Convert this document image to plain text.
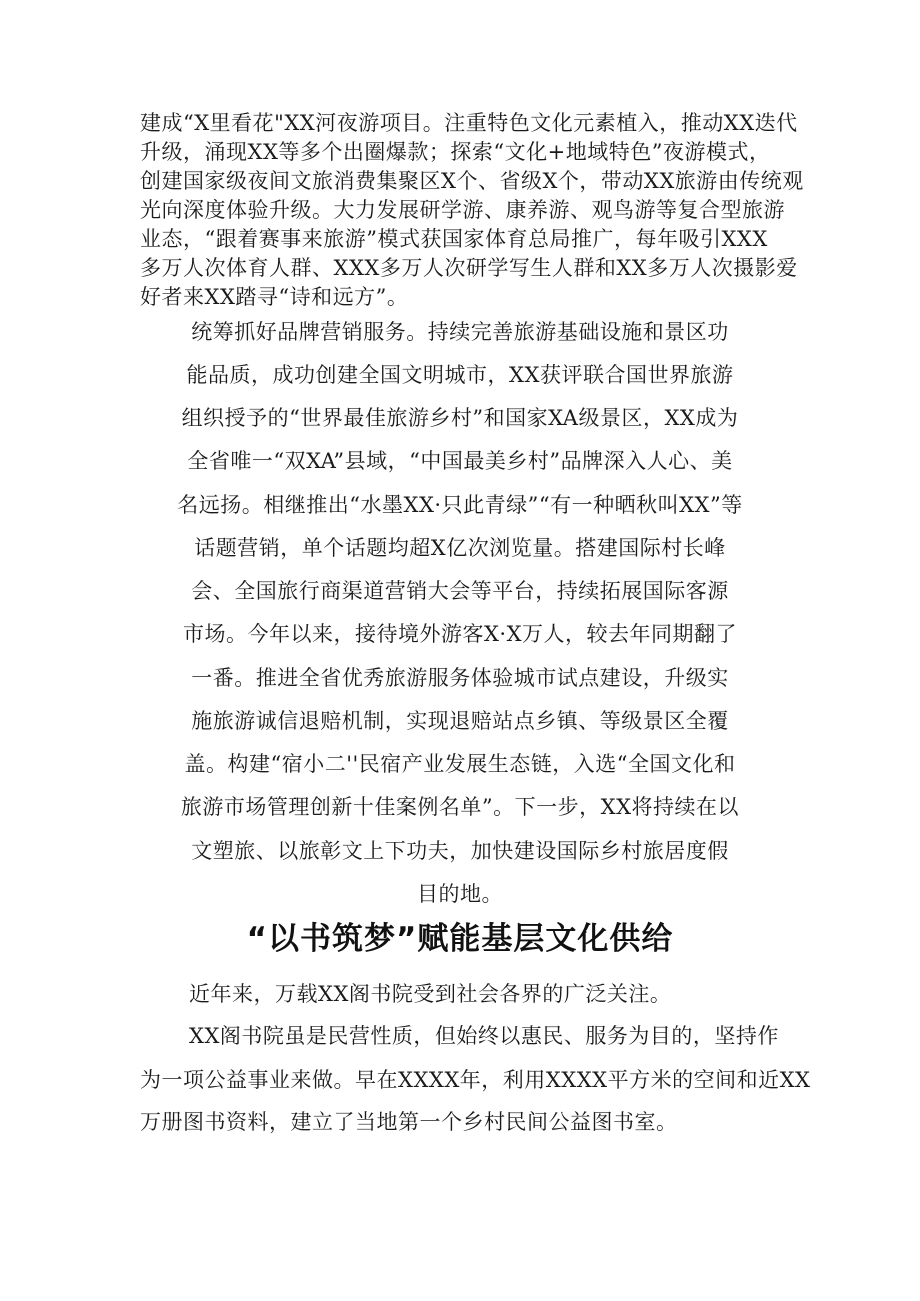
建成“X里看花"XX河夜游项目。注重特色文化元素植入，推动XX迭代
升级，涌现XX等多个出圈爆款；探索“文化+地域特色”夜游模式，
创建国家级夜间文旅消费集聚区X个、省级X个，带动XX旅游由传统观
光向深度体验升级。大力发展研学游、康养游、观鸟游等复合型旅游
业态，“跟着赛事来旅游”模式获国家体育总局推广，每年吸引XXX
多万人次体育人群、XXX多万人次研学写生人群和XX多万人次摄影爱
好者来XX踏寻“诗和远方”。
统筹抓好品牌营销服务。持续完善旅游基础设施和景区功
能品质，成功创建全国文明城市，XX获评联合国世界旅游
组织授予的“世界最佳旅游乡村”和国家XA级景区，XX成为
全省唯一“双XA”县域，“中国最美乡村”品牌深入人心、美
名远扬。相继推出“水墨XX·只此青绿”“有一种晒秋叫XX”等
话题营销，单个话题均超X亿次浏览量。搭建国际村长峰
会、全国旅行商渠道营销大会等平台，持续拓展国际客源
市场。今年以来，接待境外游客X·X万人，较去年同期翻了
一番。推进全省优秀旅游服务体验城市试点建设，升级实
施旅游诚信退赔机制，实现退赔站点乡镇、等级景区全覆
盖。构建“宿小二''民宿产业发展生态链，入选“全国文化和
旅游市场管理创新十佳案例名单”。下一步，XX将持续在以
文塑旅、以旅彰文上下功夫，加快建设国际乡村旅居度假
目的地。
“以书筑梦”赋能基层文化供给
近年来，万载XX阁书院受到社会各界的广泛关注。
XX阁书院虽是民营性质，但始终以惠民、服务为目的，坚持作
为一项公益事业来做。早在XXXX年，利用XXXX平方米的空间和近XX
万册图书资料，建立了当地第一个乡村民间公益图书室。
